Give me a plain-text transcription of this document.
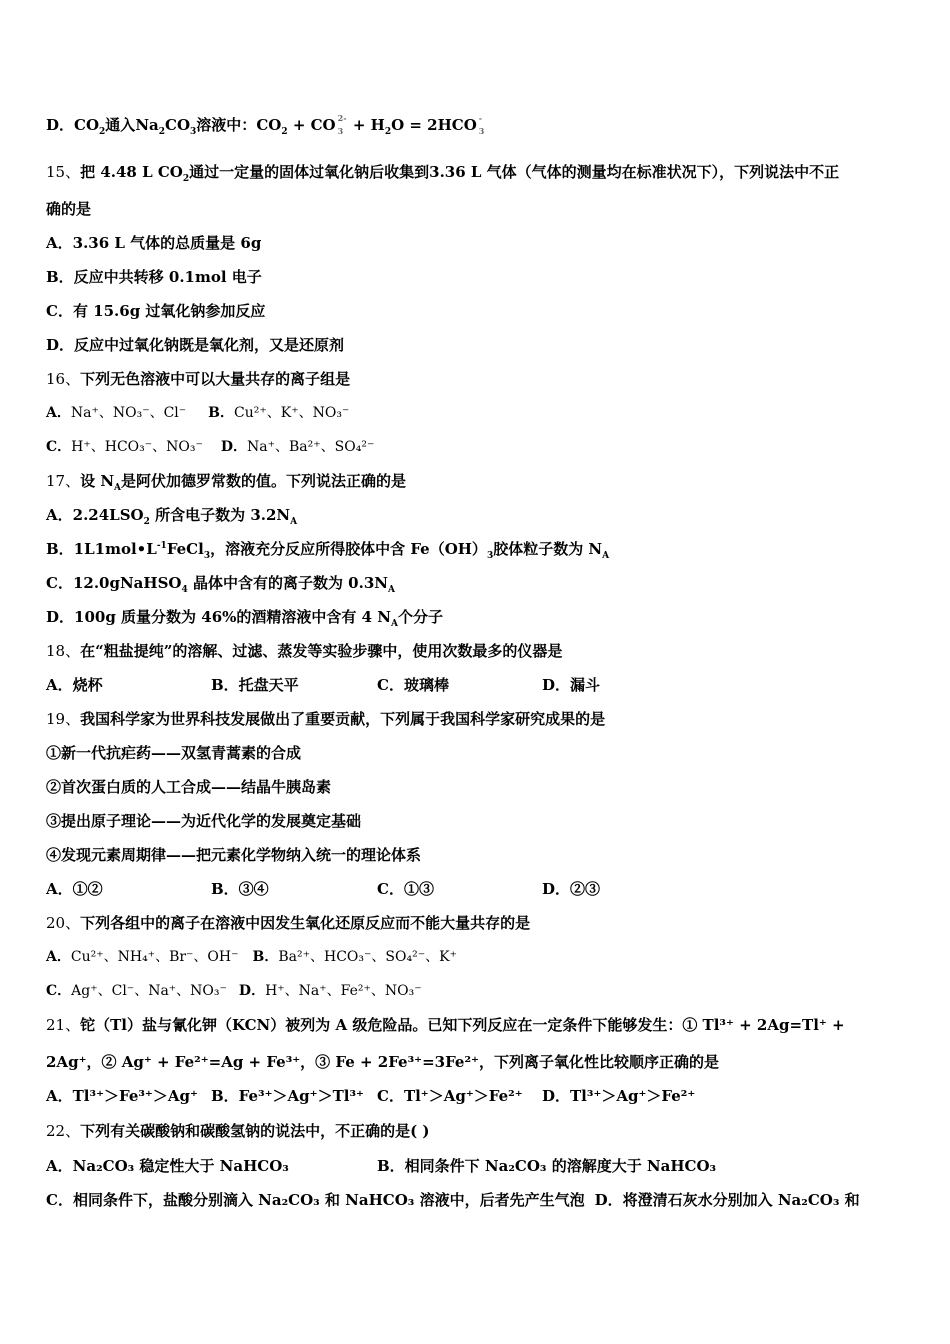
D．$CO_2$通入$Na_2CO_3$溶液中：$CO_2$ + CO 2-
$3 + H_2O = 2HCO$ -
3
15、把 4.48 L $CO_2$通过一定量的固体过氧化钠后收集到3.36 L 气体（气体的测量均在标准状况下），下列说法中不正
确的是
A．3.36 L 气体的总质量是 6g
B．反应中共转移 0.1mol 电子
C．有 15.6g 过氧化钠参加反应
D．反应中过氧化钠既是氧化剂，又是还原剂
16、下列无色溶液中可以大量共存的离子组是
A．Na⁺、NO₃⁻、Cl⁻ B．Cu²⁺、K⁺、NO₃⁻
C．H⁺、HCO₃⁻、NO₃⁻ D．Na⁺、Ba²⁺、SO₄²⁻
17、设 $N_A$是阿伏加德罗常数的值。下列说法正确的是
A．$2.24LSO_2$ 所含电子数为 $3.2N_A$
B．$1L1mol•L^{-1}FeCl_3$，溶液充分反应所得胶体中含 $Fe(OH)_3$胶体粒子数为 $N_A$
C．12.0gNaHSO$_4$ 晶体中含有的离子数为 $0.3N_A$
D．100g 质量分数为 46%的酒精溶液中含有 4 $N_A$个分子
18、在“粗盐提纯”的溶解、过滤、蒸发等实验步骤中，使用次数最多的仪器是
A．烧杯	B．托盘天平	C．玻璃棒	D．漏斗
19、我国科学家为世界科技发展做出了重要贡献，下列属于我国科学家研究成果的是
①新一代抗疟药——双氢青蒿素的合成
②首次蛋白质的人工合成——结晶牛胰岛素
③提出原子理论——为近代化学的发展奠定基础
④发现元素周期律——把元素化学物纳入统一的理论体系
A．①②	B．③④	C．①③	D．②③
20、下列各组中的离子在溶液中因发生氧化还原反应而不能大量共存的是
A．Cu²⁺、NH₄⁺、Br⁻、OH⁻ B．Ba²⁺、HCO₃⁻、SO₄²⁻、K⁺
C．Ag⁺、Cl⁻、Na⁺、NO₃⁻ D．H⁺、Na⁺、Fe²⁺、NO₃⁻
21、铊（Tl）盐与氰化钾（KCN）被列为 A 级危险品。已知下列反应在一定条件下能够发生：① Tl³⁺ + 2Ag=Tl⁺ +
2Ag⁺，② Ag⁺ + Fe²⁺=Ag + Fe³⁺，③ Fe + 2Fe³⁺=3Fe²⁺，下列离子氧化性比较顺序正确的是
A．Tl³⁺＞Fe³⁺＞Ag⁺ B．Fe³⁺＞Ag⁺＞Tl³⁺ C．Tl⁺＞Ag⁺＞Fe²⁺ D．Tl³⁺＞Ag⁺＞Fe²⁺
22、下列有关碳酸钠和碳酸氢钠的说法中，不正确的是( )
A．Na₂CO₃ 稳定性大于 NaHCO₃	B．相同条件下 Na₂CO₃ 的溶解度大于 NaHCO₃
C．相同条件下，盐酸分别滴入 Na₂CO₃ 和 NaHCO₃ 溶液中，后者先产生气泡 D．将澄清石灰水分别加入 Na₂CO₃ 和
